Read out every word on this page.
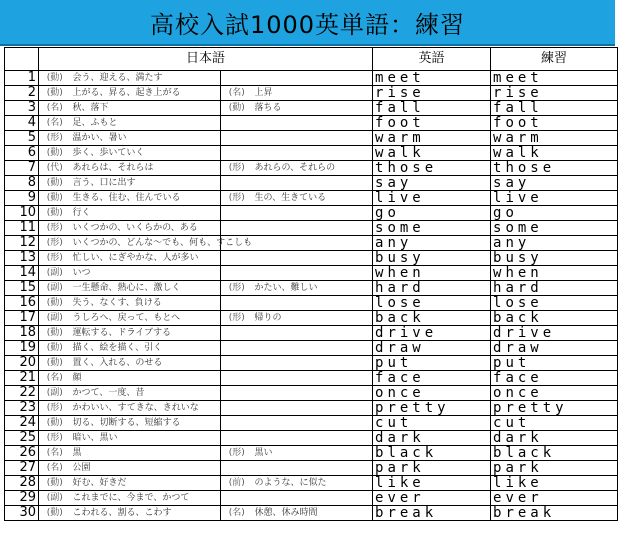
高校入試1000英単語：練習
	日本語				英語	練習
1	(動)	会う、迎える、満たす			meet	meet
2	(動)	上がる、昇る、起き上がる	(名)	上昇	rise	rise
3	(名)	秋、落下	(動)	落ちる	fall	fall
4	(名)	足、ふもと			foot	foot
5	(形)	温かい、暑い			warm	warm
6	(動)	歩く、歩いていく			walk	walk
7	(代)	あれらは、それらは	(形)	あれらの、それらの	those	those
8	(動)	言う、口に出す			say	say
9	(動)	生きる、住む、住んでいる	(形)	生の、生きている	live	live
10	(動)	行く			go	go
11	(形)	いくつかの、いくらかの、ある			some	some
12	(形)	いくつかの、どんな〜でも、何も、すこしも			any	any
13	(形)	忙しい、にぎやかな、人が多い			busy	busy
14	(副)	いつ			when	when
15	(副)	一生懸命、熱心に、激しく	(形)	かたい、難しい	hard	hard
16	(動)	失う、なくす、負ける			lose	lose
17	(副)	うしろへ、戻って、もとへ	(形)	帰りの	back	back
18	(動)	運転する、ドライブする			drive	drive
19	(動)	描く、絵を描く、引く			draw	draw
20	(動)	置く、入れる、のせる			put	put
21	(名)	顔			face	face
22	(副)	かつて、一度、昔			once	once
23	(形)	かわいい、すてきな、きれいな			pretty	pretty
24	(動)	切る、切断する、短縮する			cut	cut
25	(形)	暗い、黒い			dark	dark
26	(名)	黒	(形)	黒い	black	black
27	(名)	公園			park	park
28	(動)	好む、好きだ	(前)	のような、に似た	like	like
29	(副)	これまでに、今まで、かつて			ever	ever
30	(動)	こわれる、割る、こわす	(名)	休憩、休み時間	break	break
